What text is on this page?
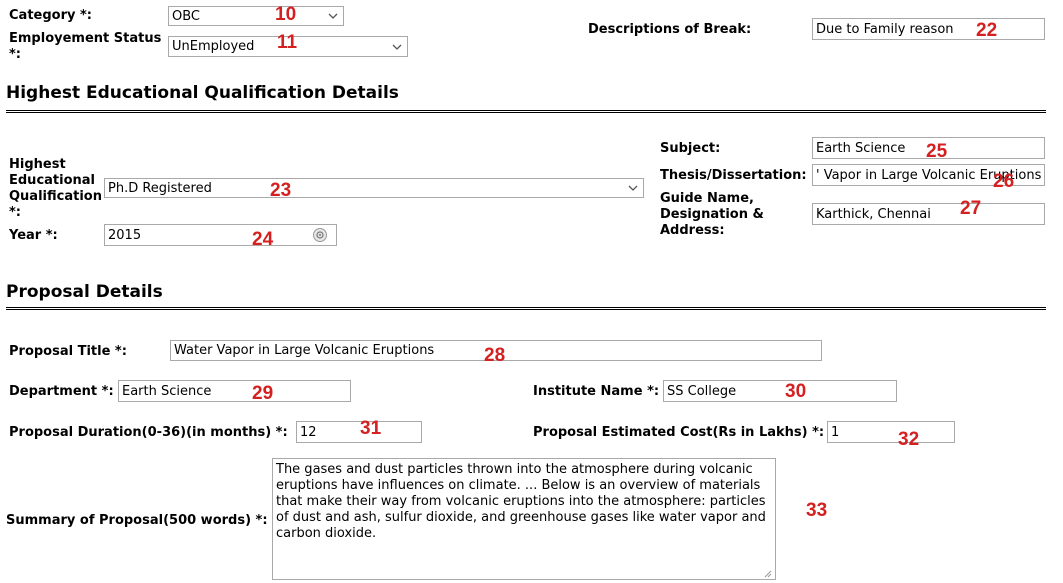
Category *:	OBC	10
Employement Status *:
UnEmployed	11
Descriptions of Break:
Due to Family reason	22
Highest Educational Qualification Details
Highest Educational Qualification *:
Ph.D Registered	23
Year *:	2015	24
Subject:
Earth Science	25
Thesis/Dissertation:
' Vapor in Large Volcanic Eruptions	26
Guide Name, Designation & Address:
Karthick, Chennai
27
Proposal Details
Proposal Title *:
Water Vapor in Large Volcanic Eruptions	28
Department *:
Earth Science	29	Institute Name *:
SS College	30
Proposal Duration(0-36)(in months) *:
12	31	Proposal Estimated Cost(Rs in Lakhs) *:
1	32
Summary of Proposal(500 words) *:
The gases and dust particles thrown into the atmosphere during volcanic eruptions have influences on climate. ... Below is an overview of materials that make their way from volcanic eruptions into the atmosphere: particles of dust and ash, sulfur dioxide, and greenhouse gases like water vapor and carbon dioxide.	33
